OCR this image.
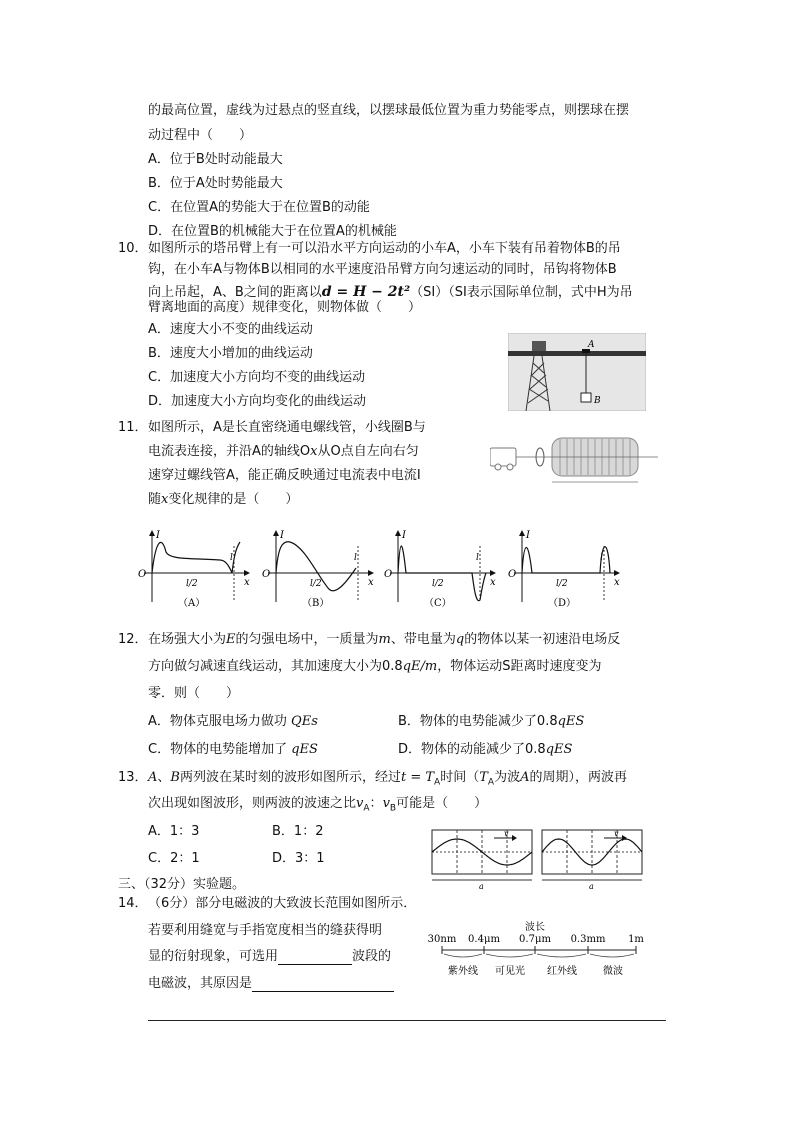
的最高位置，虚线为过悬点的竖直线，以摆球最低位置为重力势能零点，则摆球在摆
动过程中（　　）
A．位于B处时动能最大
B．位于A处时势能最大
C．在位置A的势能大于在位置B的动能
D．在位置B的机械能大于在位置A的机械能
10． 如图所示的塔吊臂上有一可以沿水平方向运动的小车A，小车下装有吊着物体B的吊
钩，在小车A与物体B以相同的水平速度沿吊臂方向匀速运动的同时，吊钩将物体B
向上吊起，A、B之间的距离以d = H − 2t²（SI）（SI表示国际单位制，式中H为吊
臂离地面的高度）规律变化，则物体做（　　）
A．速度大小不变的曲线运动
B．速度大小增加的曲线运动
C．加速度大小方向均不变的曲线运动
D．加速度大小方向均变化的曲线运动
A
B
11． 如图所示，A是长直密绕通电螺线管，小线圈B与
电流表连接，并沿A的轴线Ox从O点自左向右匀
速穿过螺线管A，能正确反映通过电流表中电流I
随x变化规律的是（　　）
I
O
x
l/2
l
（A）
I
O
x
l/2
l
（B）
I
O
x
l/2
l
（C）
I
O
x
l/2
l
（D）
12． 在场强大小为E的匀强电场中，一质量为m、带电量为q的物体以某一初速沿电场反
方向做匀减速直线运动，其加速度大小为0.8qE/m，物体运动S距离时速度变为
零．则（　　）
A．物体克服电场力做功 QEs	B．物体的电势能减少了0.8qES
C．物体的电势能增加了 qES	D．物体的动能减少了0.8qES
13． A、B两列波在某时刻的波形如图所示，经过$t = T_A$时间（$T_A$为波A的周期），两波再
次出现如图波形，则两波的波速之比$v_A$：$v_B$可能是（　　）
A．1：3	B．1：2
C．2：1	D．3：1
v
a
v
a
三、（32分）实验题。
14． （6分）部分电磁波的大致波长范围如图所示．
若要利用缝宽与手指宽度相当的缝获得明
显的衍射现象，可选用	波段的
电磁波，其原因是
波长
30nm 0.4μm 0.7μm 0.3mm 1m
紫外线 可见光 红外线	微波
